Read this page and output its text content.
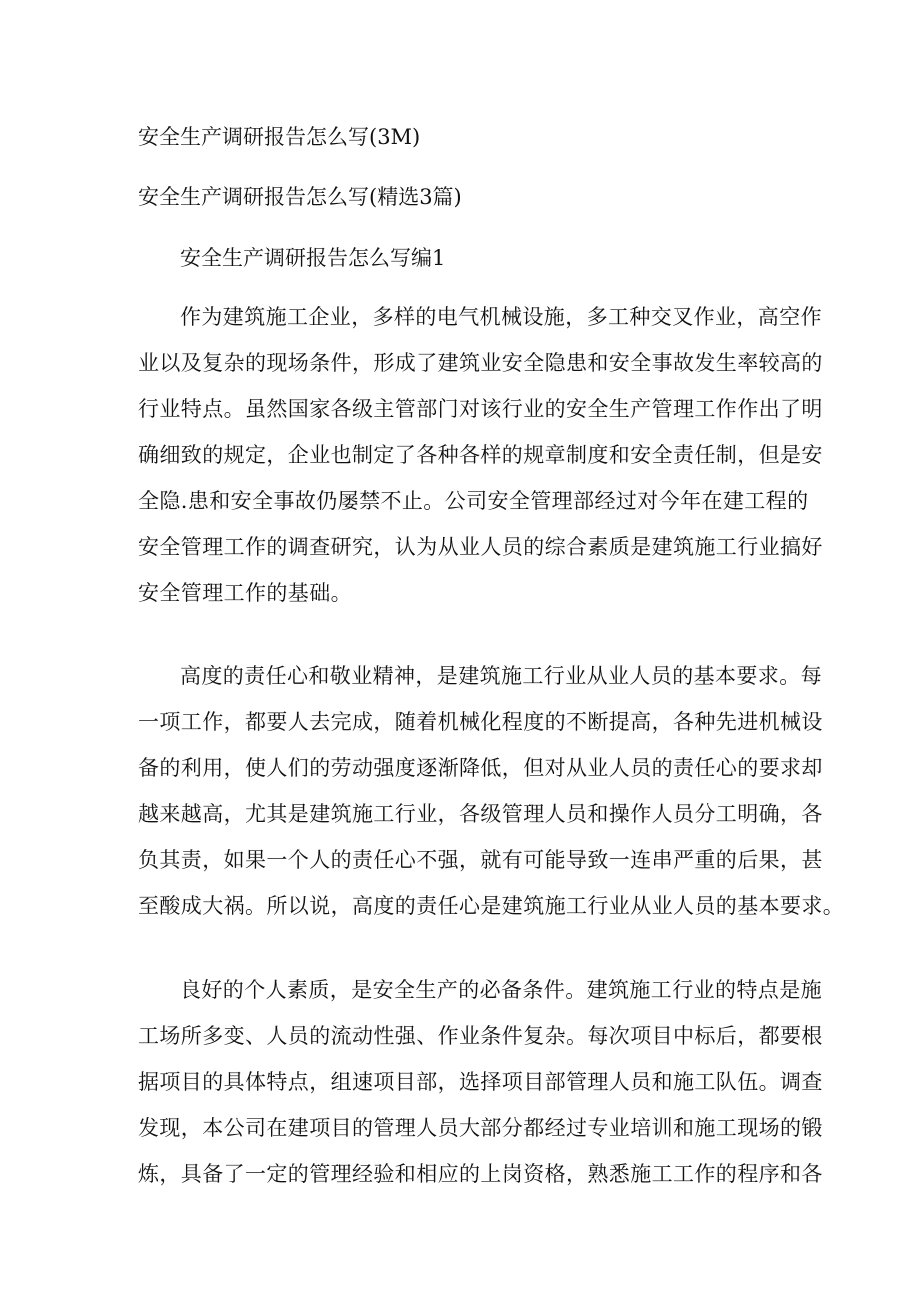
安全生产调研报告怎么写(3M)

安全生产调研报告怎么写(精选3篇)

安全生产调研报告怎么写编1

作为建筑施工企业，多样的电气机械设施，多工种交叉作业，高空作
业以及复杂的现场条件，形成了建筑业安全隐患和安全事故发生率较高的
行业特点。虽然国家各级主管部门对该行业的安全生产管理工作作出了明
确细致的规定，企业也制定了各种各样的规章制度和安全责任制，但是安
全隐.患和安全事故仍屡禁不止。公司安全管理部经过对今年在建工程的
安全管理工作的调查研究，认为从业人员的综合素质是建筑施工行业搞好
安全管理工作的基础。
高度的责任心和敬业精神，是建筑施工行业从业人员的基本要求。每
一项工作，都要人去完成，随着机械化程度的不断提高，各种先进机械设
备的利用，使人们的劳动强度逐渐降低，但对从业人员的责任心的要求却
越来越高，尤其是建筑施工行业，各级管理人员和操作人员分工明确，各
负其责，如果一个人的责任心不强，就有可能导致一连串严重的后果，甚
至酸成大祸。所以说，高度的责任心是建筑施工行业从业人员的基本要求。
良好的个人素质，是安全生产的必备条件。建筑施工行业的特点是施
工场所多变、人员的流动性强、作业条件复杂。每次项目中标后，都要根
据项目的具体特点，组速项目部，选择项目部管理人员和施工队伍。调查
发现，本公司在建项目的管理人员大部分都经过专业培训和施工现场的锻
炼，具备了一定的管理经验和相应的上岗资格，熟悉施工工作的程序和各
